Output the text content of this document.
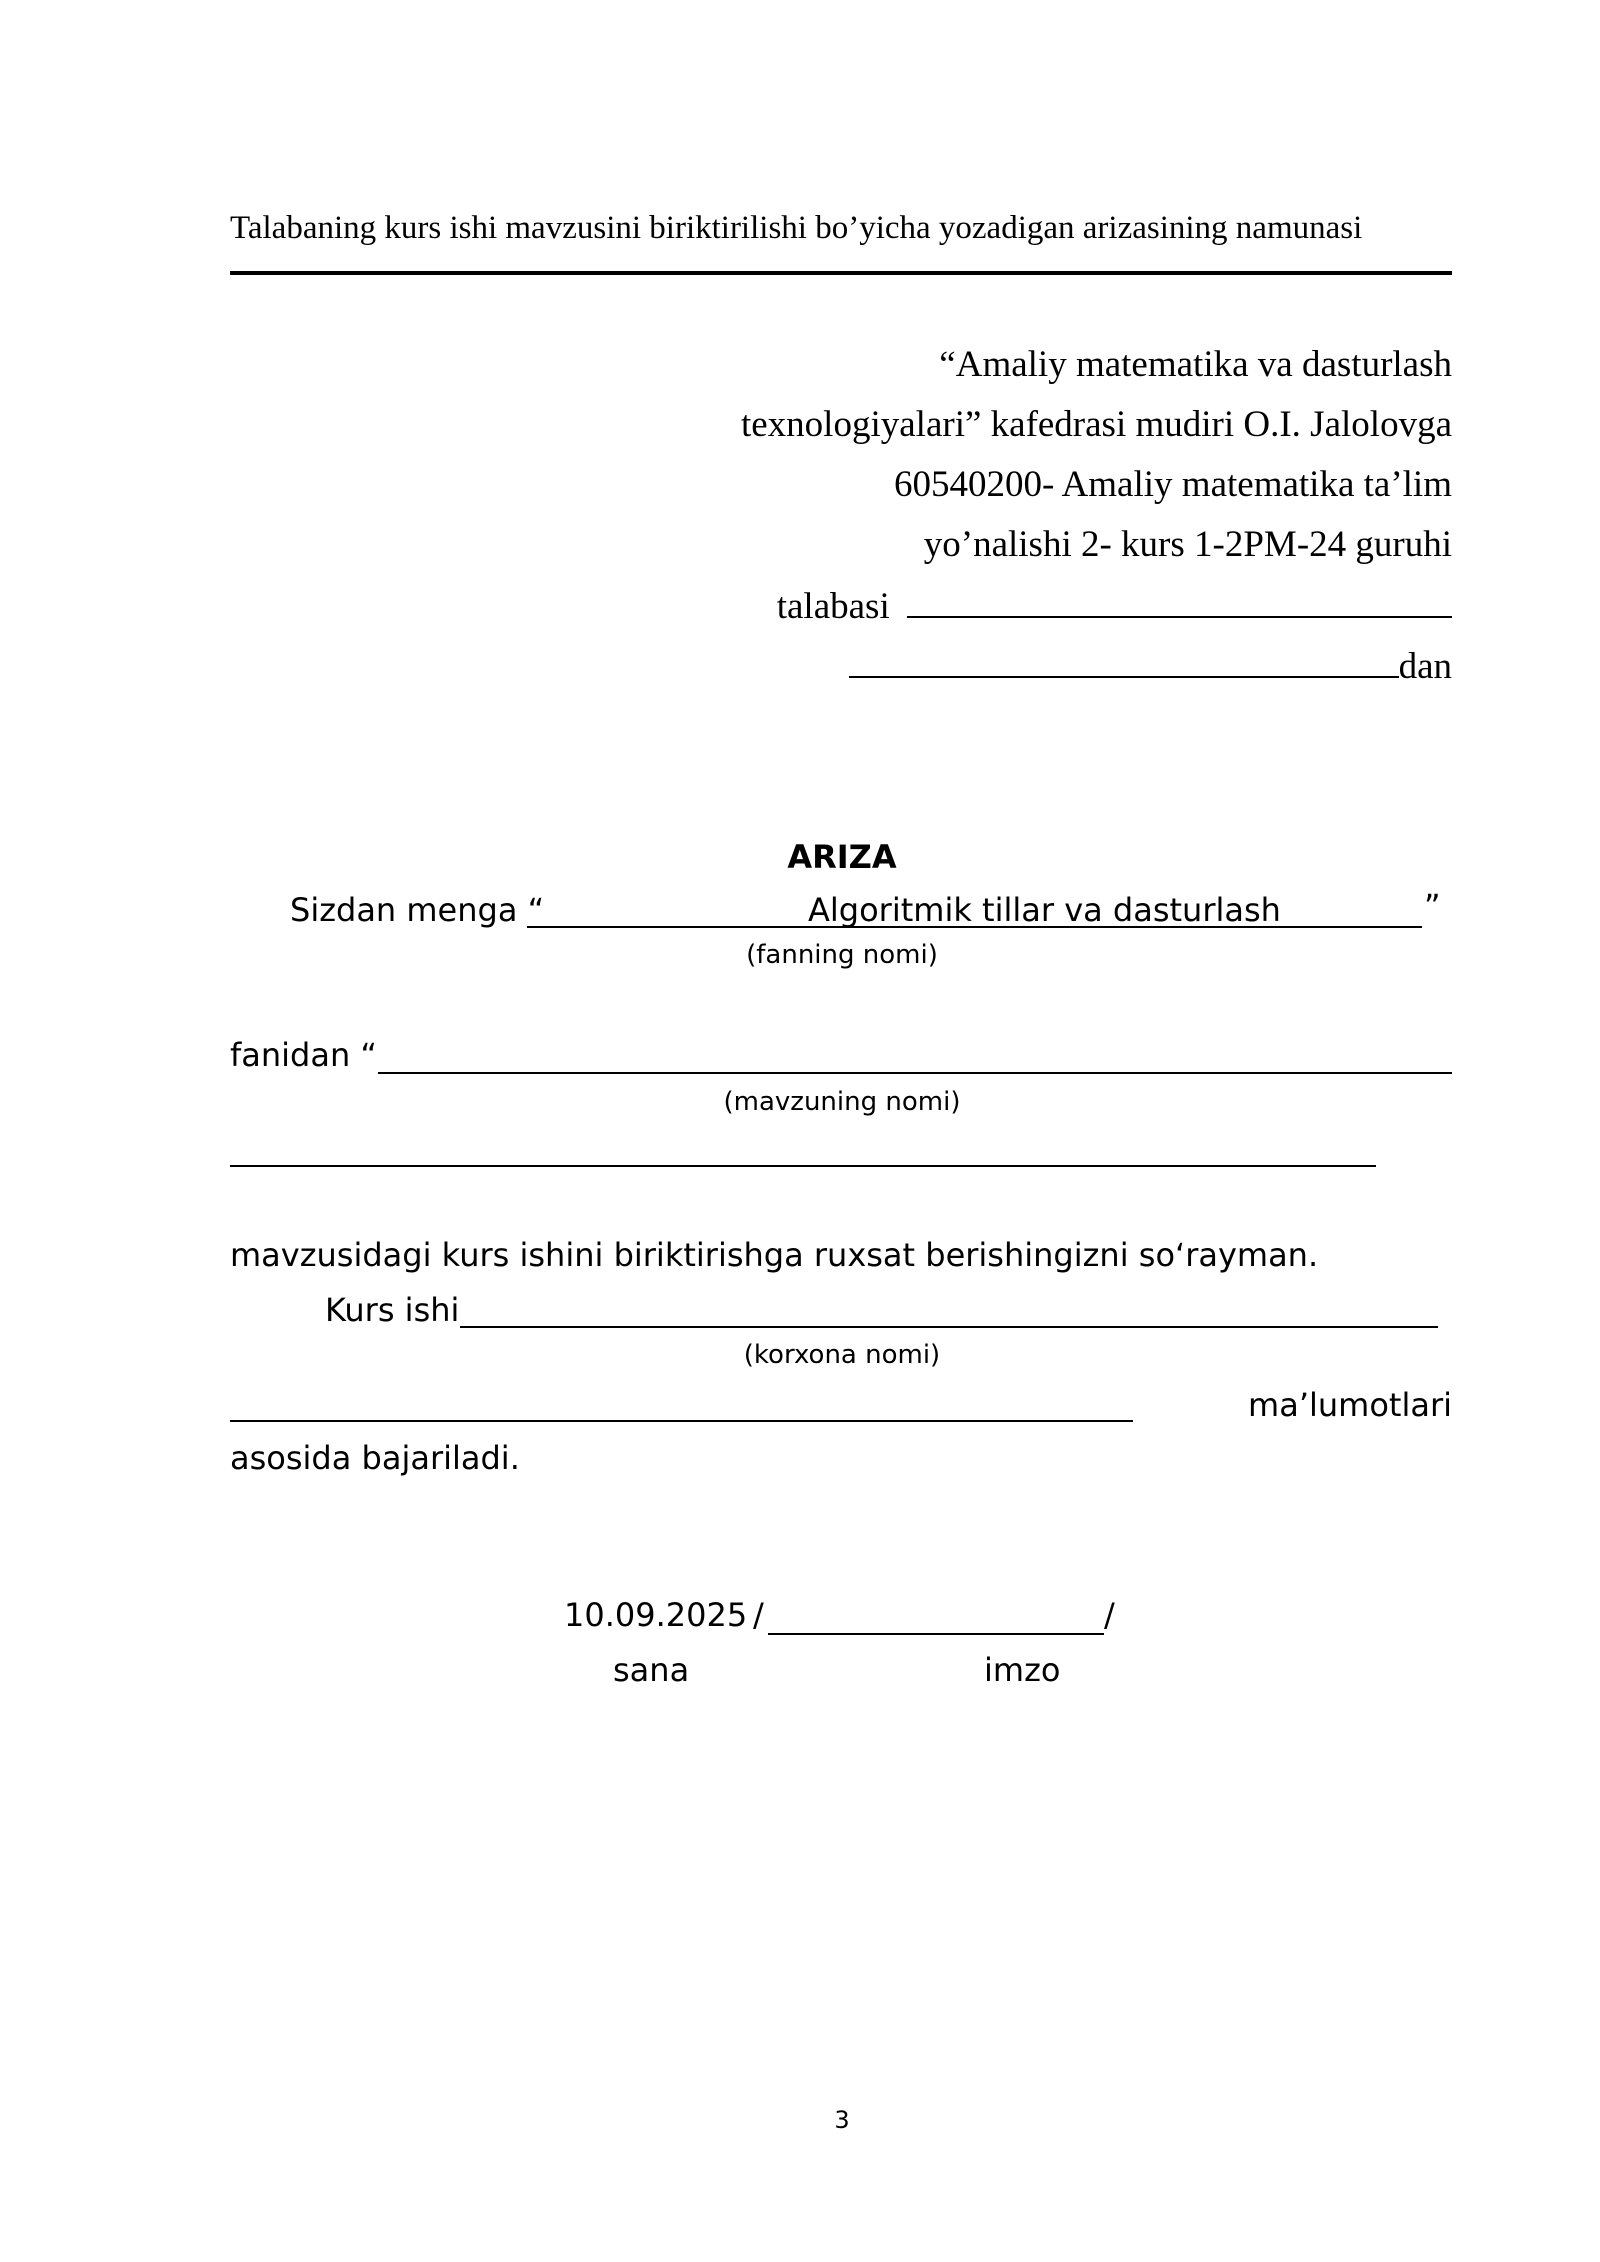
Talabaning kurs ishi mavzusini biriktirilishi bo’yicha yozadigan arizasining namunasi
“Amaliy matematika va dasturlash
texnologiyalari” kafedrasi mudiri O.I. Jalolovga
60540200- Amaliy matematika ta’lim
yo’nalishi 2- kurs 1-2PM-24 guruhi
talabasi
dan
ARIZA
Sizdan menga “	Algoritmik tillar va dasturlash	”
(fanning nomi)
fanidan “
(mavzuning nomi)
mavzusidagi kurs ishini biriktirishga ruxsat berishingizni so‘rayman.
Kurs ishi
(korxona nomi)
ma’lumotlari
asosida bajariladi.
10.09.2025 /	/
sana	imzo
3
